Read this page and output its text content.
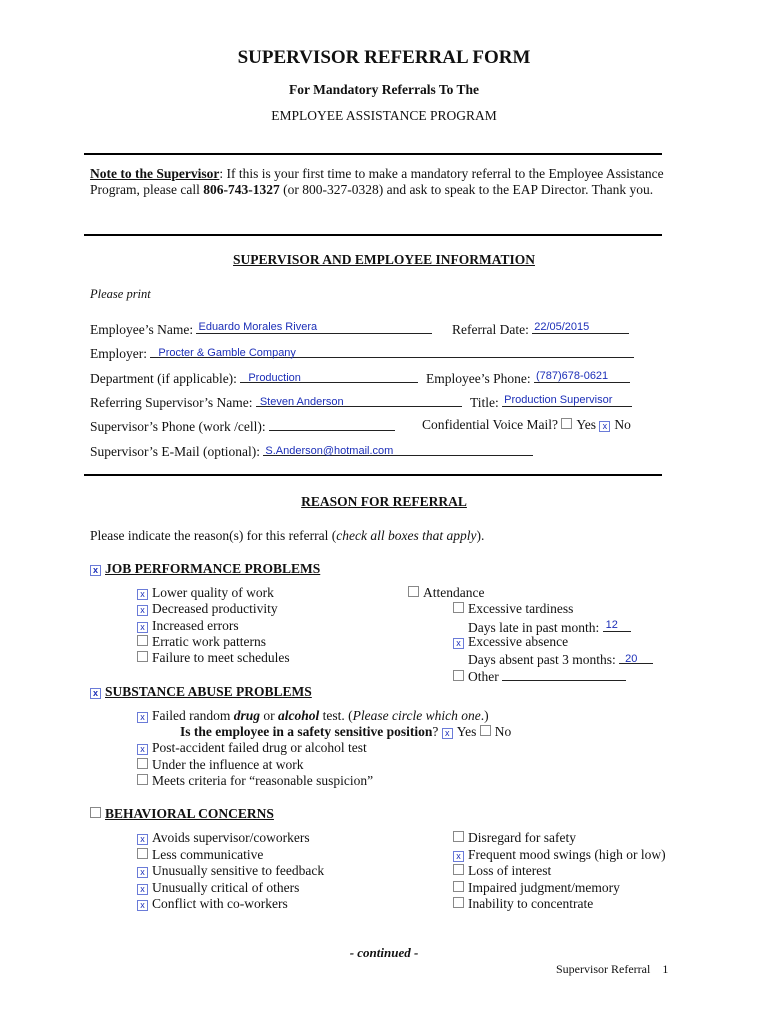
SUPERVISOR REFERRAL FORM
For Mandatory Referrals To The
EMPLOYEE ASSISTANCE PROGRAM
Note to the Supervisor: If this is your first time to make a mandatory referral to the Employee Assistance Program, please call 806-743-1327 (or 800-327-0328) and ask to speak to the EAP Director. Thank you.
SUPERVISOR AND EMPLOYEE INFORMATION
Please print
Employee’s Name: Eduardo Morales Rivera	Referral Date: 22/05/2015
Employer: Procter & Gamble Company
Department (if applicable): Production	Employee’s Phone: (787)678-0621
Referring Supervisor’s Name: Steven Anderson	Title: Production Supervisor
Supervisor’s Phone (work /cell):	Confidential Voice Mail? Yes x No
Supervisor’s E-Mail (optional): S.Anderson@hotmail.com
REASON FOR REFERRAL
Please indicate the reason(s) for this referral (check all boxes that apply).
x JOB PERFORMANCE PROBLEMS
x Lower quality of work
x Decreased productivity
x Increased errors
Erratic work patterns
Failure to meet schedules
Attendance
Excessive tardiness
Days late in past month: 12
x Excessive absence
Days absent past 3 months: 20
Other
x SUBSTANCE ABUSE PROBLEMS
x Failed random drug or alcohol test. (Please circle which one.)
Is the employee in a safety sensitive position? x Yes No
x Post-accident failed drug or alcohol test
Under the influence at work
Meets criteria for “reasonable suspicion”
BEHAVIORAL CONCERNS
x Avoids supervisor/coworkers
Less communicative
x Unusually sensitive to feedback
x Unusually critical of others
x Conflict with co-workers
Disregard for safety
x Frequent mood swings (high or low)
Loss of interest
Impaired judgment/memory
Inability to concentrate
- continued -
Supervisor Referral 1
